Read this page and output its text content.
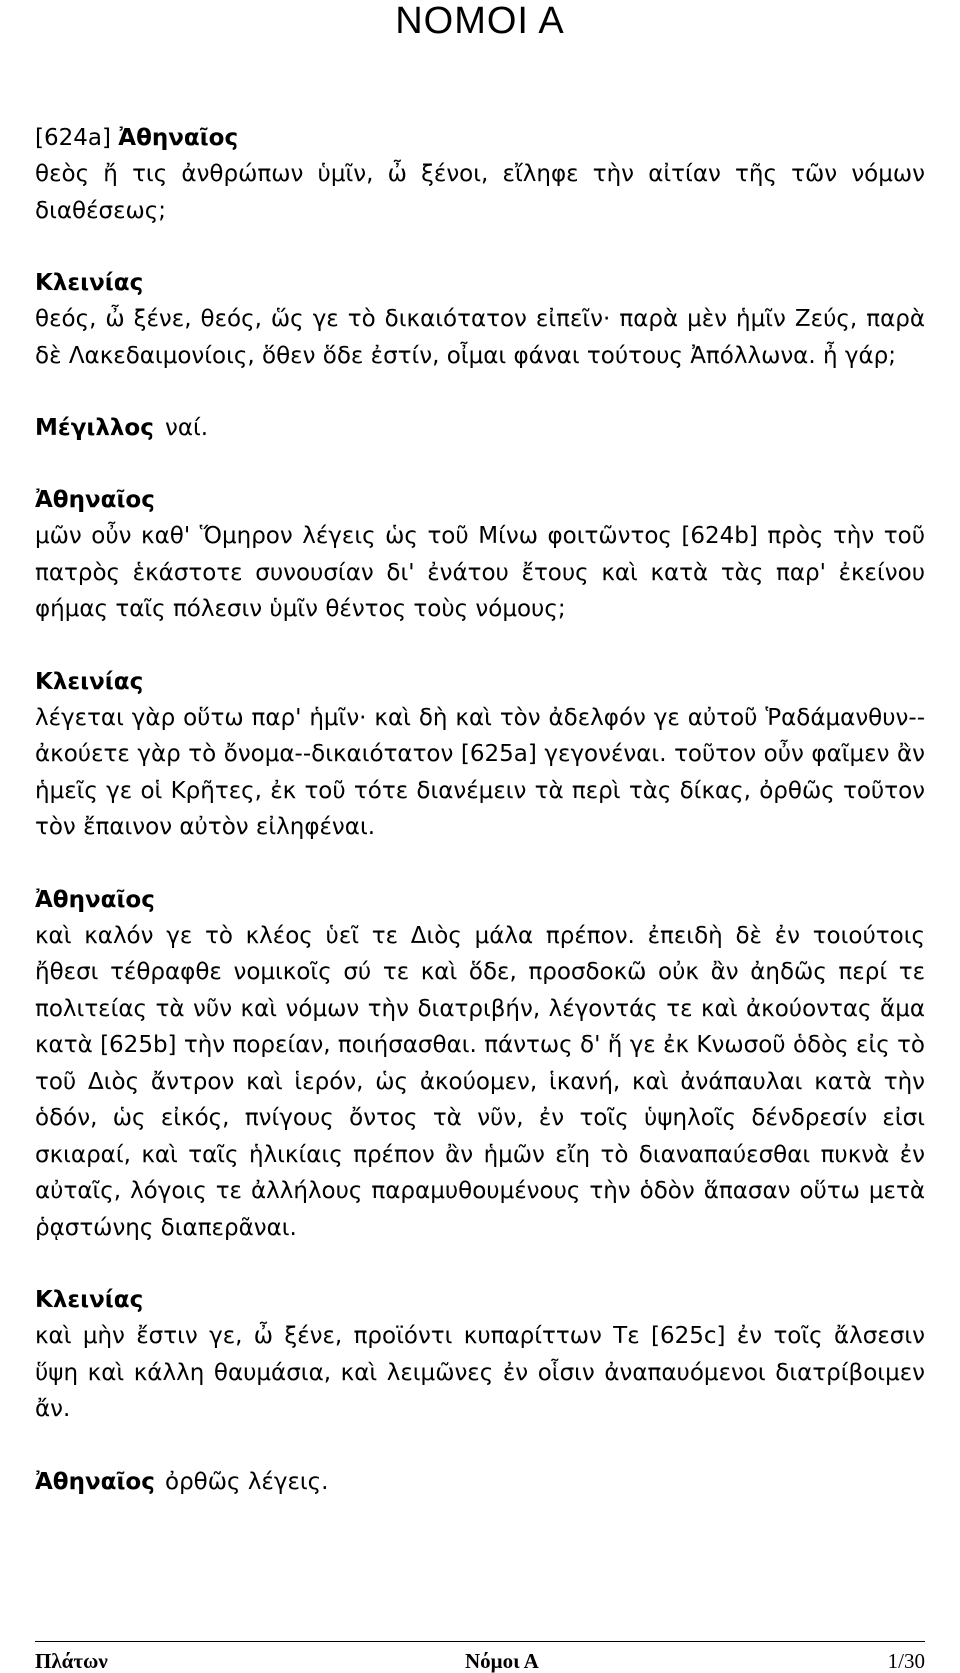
ΝΟΜΟΙ Α
[624a] Ἀθηναῖος

θεὸς ἤ τις ἀνθρώπων ὑμῖν, ὦ ξένοι, εἴληφε τὴν αἰτίαν τῆς τῶν νόμων διαθέσεως;

Κλεινίας

θεός, ὦ ξένε, θεός, ὥς γε τὸ δικαιότατον εἰπεῖν· παρὰ μὲν ἡμῖν Ζεύς, παρὰ δὲ Λακεδαιμονίοις, ὅθεν ὅδε ἐστίν, οἶμαι φάναι τούτους Ἀπόλλωνα. ἦ γάρ;

Μέγιλλος ναί.
Ἀθηναῖος

μῶν οὖν καθ' Ὅμηρον λέγεις ὡς τοῦ Μίνω φοιτῶντος [624b] πρὸς τὴν τοῦ πατρὸς ἑκάστοτε συνουσίαν δι' ἐνάτου ἔτους καὶ κατὰ τὰς παρ' ἐκείνου φήμας ταῖς πόλεσιν ὑμῖν θέντος τοὺς νόμους;

Κλεινίας

λέγεται γὰρ οὕτω παρ' ἡμῖν· καὶ δὴ καὶ τὸν ἀδελφόν γε αὐτοῦ Ῥαδάμανθυν--ἀκούετε γὰρ τὸ ὄνομα--δικαιότατον [625a] γεγονέναι. τοῦτον οὖν φαῖμεν ἂν ἡμεῖς γε οἱ Κρῆτες, ἐκ τοῦ τότε διανέμειν τὰ περὶ τὰς δίκας, ὀρθῶς τοῦτον τὸν ἔπαινον αὐτὸν εἰληφέναι.

Ἀθηναῖος

καὶ καλόν γε τὸ κλέος ὑεῖ τε Διὸς μάλα πρέπον. ἐπειδὴ δὲ ἐν τοιούτοις ἤθεσι τέθραφθε νομικοῖς σύ τε καὶ ὅδε, προσδοκῶ οὐκ ἂν ἀηδῶς περί τε πολιτείας τὰ νῦν καὶ νόμων τὴν διατριβήν, λέγοντάς τε καὶ ἀκούοντας ἅμα κατὰ [625b] τὴν πορείαν, ποιήσασθαι. πάντως δ' ἥ γε ἐκ Κνωσοῦ ὁδὸς εἰς τὸ τοῦ Διὸς ἄντρον καὶ ἱερόν, ὡς ἀκούομεν, ἱκανή, καὶ ἀνάπαυλαι κατὰ τὴν ὁδόν, ὡς εἰκός, πνίγους ὄντος τὰ νῦν, ἐν τοῖς ὑψηλοῖς δένδρεσίν εἰσι σκιαραί, καὶ ταῖς ἡλικίαις πρέπον ἂν ἡμῶν εἴη τὸ διαναπαύεσθαι πυκνὰ ἐν αὐταῖς, λόγοις τε ἀλλήλους παραμυθουμένους τὴν ὁδὸν ἅπασαν οὕτω μετὰ ῥᾳστώνης διαπερᾶναι.

Κλεινίας

καὶ μὴν ἔστιν γε, ὦ ξένε, προϊόντι κυπαρίττων Τε [625c] ἐν τοῖς ἄλσεσιν ὕψη καὶ κάλλη θαυμάσια, καὶ λειμῶνες ἐν οἷσιν ἀναπαυόμενοι διατρίβοιμεν ἄν.

Ἀθηναῖος ὀρθῶς λέγεις.
Πλάτων	Νόμοι Α	1/30
